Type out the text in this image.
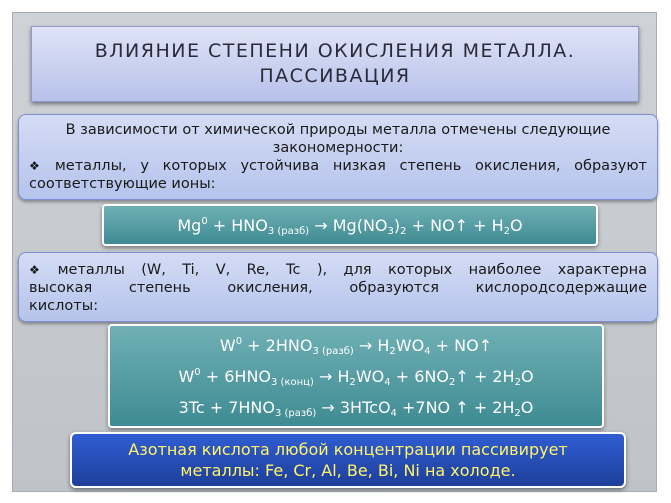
ВЛИЯНИЕ СТЕПЕНИ ОКИСЛЕНИЯ МЕТАЛЛА.
ПАССИВАЦИЯ
В зависимости от химической природы металла отмечены следующие
закономерности:
❖ металлы, у которых устойчива низкая степень окисления, образуют
соответствующие ионы:
$Mg^0 + HNO_{3 (разб)} \to Mg(NO_3)_2$ + NO↑ + $H_2O$
❖ металлы (W, Ti, V, Re, Tc ), для которых наиболее характерна
высокая степень окисления, образуются кислородсодержащие
кислоты:
$W^0 + 2HNO_{3 (разб)} \to H_2WO_4$ + NO↑
$W^0 + 6HNO_{3 (конц)} \to H_2WO_4$ + $6NO_2↑ + 2H_2O$
$3Tc + 7HNO_{3 (разб)}$ → 3HTcO$_4$ +7NO ↑ + $2H_2O$
Азотная кислота любой концентрации пассивирует
металлы: Fe, Cr, Al, Be, Bi, Ni на холоде.
